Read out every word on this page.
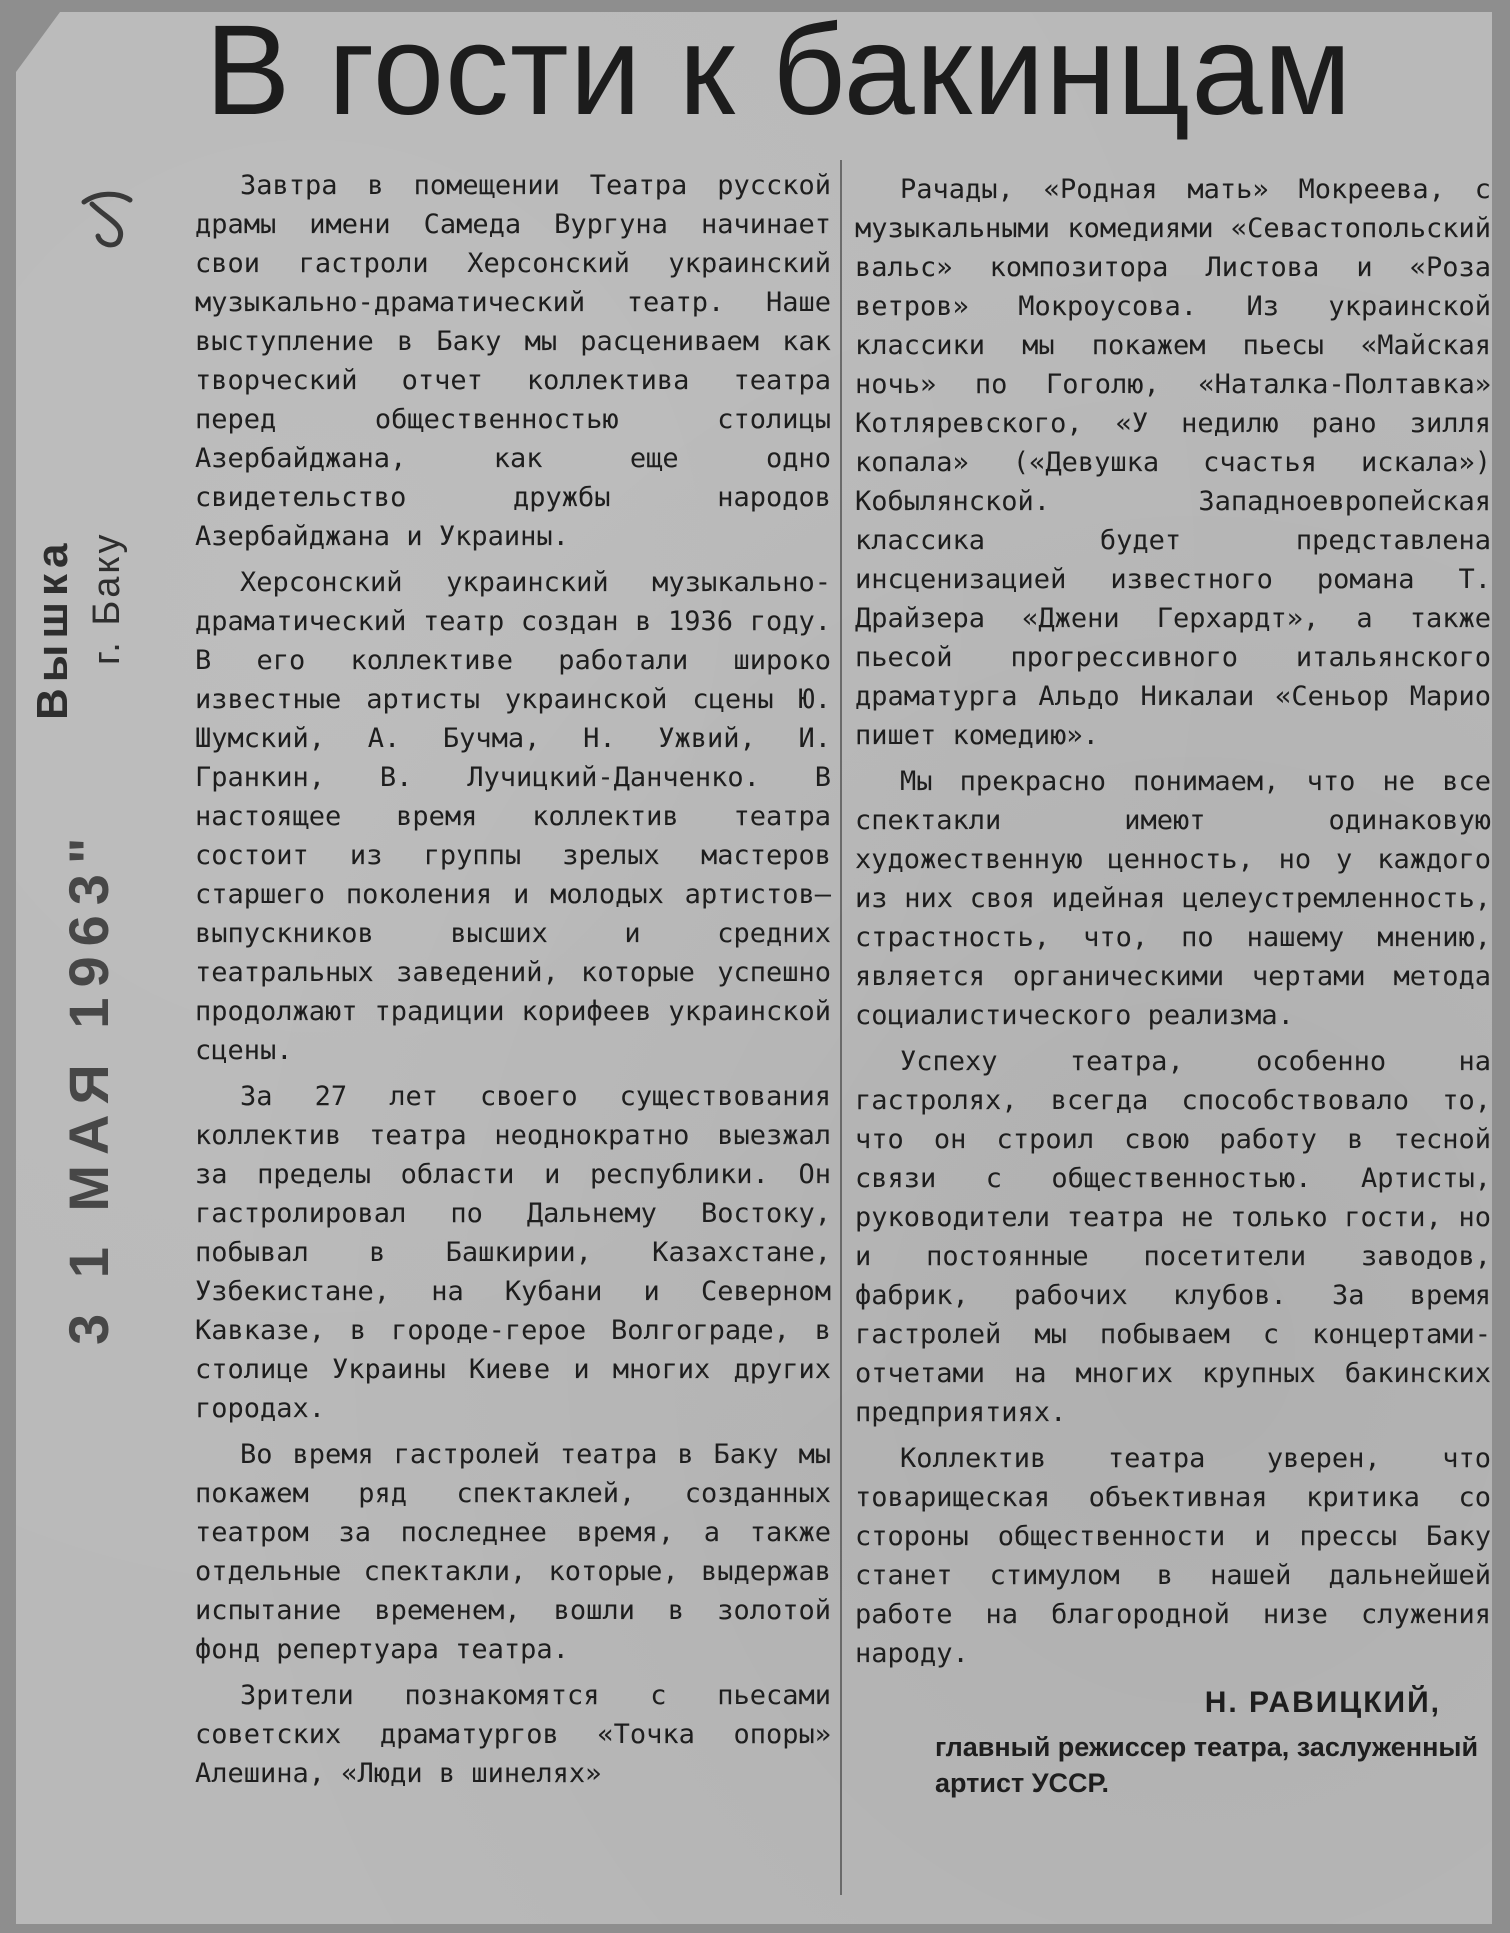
Вышка г. Баку
3 1 МАЯ 1963"
В гости к бакинцам

Завтра в помещении Театра русской драмы имени Самеда Вургуна начинает свои гастроли Херсонский украинский музыкально-драматический театр. Наше выступление в Баку мы расцениваем как творческий отчет коллектива театра перед общественностью столицы Азербайджана, как еще одно свидетельство дружбы народов Азербайджана и Украины.

Херсонский украинский музыкально-драматический театр создан в 1936 году. В его коллективе работали широко известные артисты украинской сцены Ю. Шумский, А. Бучма, Н. Ужвий, И. Гранкин, В. Лучицкий-Данченко. В настоящее время коллектив театра состоит из группы зрелых мастеров старшего поколения и молодых артистов—выпускников высших и средних театральных заведений, которые успешно продолжают традиции корифеев украинской сцены.

За 27 лет своего существования коллектив театра неоднократно выезжал за пределы области и республики. Он гастролировал по Дальнему Востоку, побывал в Башкирии, Казахстане, Узбекистане, на Кубани и Северном Кавказе, в городе-герое Волгограде, в столице Украины Киеве и многих других городах.

Во время гастролей театра в Баку мы покажем ряд спектаклей, созданных театром за последнее время, а также отдельные спектакли, которые, выдержав испытание временем, вошли в золотой фонд репертуара театра.

Зрители познакомятся с пьесами советских драматургов «Точка опоры» Алешина, «Люди в шинелях»

Рачады, «Родная мать» Мокреева, с музыкальными комедиями «Севастопольский вальс» композитора Листова и «Роза ветров» Мокроусова. Из украинской классики мы покажем пьесы «Майская ночь» по Гоголю, «Наталка-Полтавка» Котляревского, «У недилю рано зилля копала» («Девушка счастья искала») Кобылянской. Западноевропейская классика будет представлена инсценизацией известного романа Т. Драйзера «Джени Герхардт», а также пьесой прогрессивного итальянского драматурга Альдо Никалаи «Сеньор Марио пишет комедию».

Мы прекрасно понимаем, что не все спектакли имеют одинаковую художественную ценность, но у каждого из них своя идейная целеустремленность, страстность, что, по нашему мнению, является органическими чертами метода социалистического реализма.

Успеху театра, особенно на гастролях, всегда способствовало то, что он строил свою работу в тесной связи с общественностью. Артисты, руководители театра не только гости, но и постоянные посетители заводов, фабрик, рабочих клубов. За время гастролей мы побываем с концертами-отчетами на многих крупных бакинских предприятиях.

Коллектив театра уверен, что товарищеская объективная критика со стороны общественности и прессы Баку станет стимулом в нашей дальнейшей работе на благородной низе служения народу.

Н. РАВИЦКИЙ,

главный режиссер театра, заслуженный артист УССР.
